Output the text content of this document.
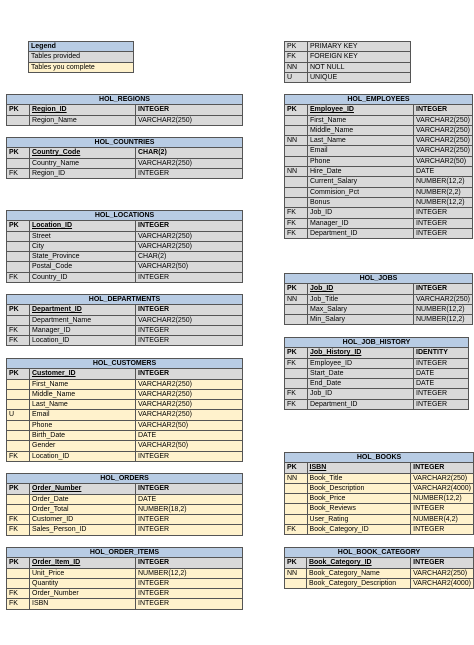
Legend
Tables provided
Tables you complete
PK	PRIMARY KEY
FK	FOREIGN KEY
NN	NOT NULL
U	UNIQUE
HOL_REGIONS		
PK	Region_ID	INTEGER
	Region_Name	VARCHAR2(250)
HOL_COUNTRIES		
PK	Country_Code	CHAR(2)
	Country_Name	VARCHAR2(250)
FK	Region_ID	INTEGER
HOL_LOCATIONS		
PK	Location_ID	INTEGER
	Street	VARCHAR2(250)
	City	VARCHAR2(250)
	State_Province	CHAR(2)
	Postal_Code	VARCHAR2(50)
FK	Country_ID	INTEGER
HOL_DEPARTMENTS		
PK	Department_ID	INTEGER
	Department_Name	VARCHAR2(250)
FK	Manager_ID	INTEGER
FK	Location_ID	INTEGER
HOL_CUSTOMERS		
PK	Customer_ID	INTEGER
	First_Name	VARCHAR2(250)
	Middle_Name	VARCHAR2(250)
	Last_Name	VARCHAR2(250)
U	Email	VARCHAR2(250)
	Phone	VARCHAR2(50)
	Birth_Date	DATE
	Gender	VARCHAR2(50)
FK	Location_ID	INTEGER
HOL_ORDERS		
PK	Order_Number	INTEGER
	Order_Date	DATE
	Order_Total	NUMBER(18,2)
FK	Customer_ID	INTEGER
FK	Sales_Person_ID	INTEGER
HOL_ORDER_ITEMS		
PK	Order_Item_ID	INTEGER
	Unit_Price	NUMBER(12,2)
	Quantity	INTEGER
FK	Order_Number	INTEGER
FK	ISBN	INTEGER
HOL_EMPLOYEES		
PK	Employee_ID	INTEGER
	First_Name	VARCHAR2(250)
	Middle_Name	VARCHAR2(250)
NN	Last_Name	VARCHAR2(250)
	Email	VARCHAR2(250)
	Phone	VARCHAR2(50)
NN	Hire_Date	DATE
	Current_Salary	NUMBER(12,2)
	Commision_Pct	NUMBER(2,2)
	Bonus	NUMBER(12,2)
FK	Job_ID	INTEGER
FK	Manager_ID	INTEGER
FK	Department_ID	INTEGER
HOL_JOBS		
PK	Job_ID	INTEGER
NN	Job_Title	VARCHAR2(250)
	Max_Salary	NUMBER(12,2)
	Min_Salary	NUMBER(12,2)
HOL_JOB_HISTORY		
PK	Job_History_ID	IDENTITY
FK	Employee_ID	INTEGER
	Start_Date	DATE
	End_Date	DATE
FK	Job_ID	INTEGER
FK	Department_ID	INTEGER
HOL_BOOKS		
PK	ISBN	INTEGER
NN	Book_Title	VARCHAR2(250)
	Book_Description	VARCHAR2(4000)
	Book_Price	NUMBER(12,2)
	Book_Reviews	INTEGER
	User_Rating	NUMBER(4,2)
FK	Book_Category_ID	INTEGER
HOL_BOOK_CATEGORY		
PK	Book_Category_ID	INTEGER
NN	Book_Category_Name	VARCHAR2(250)
	Book_Category_Description	VARCHAR2(4000)
